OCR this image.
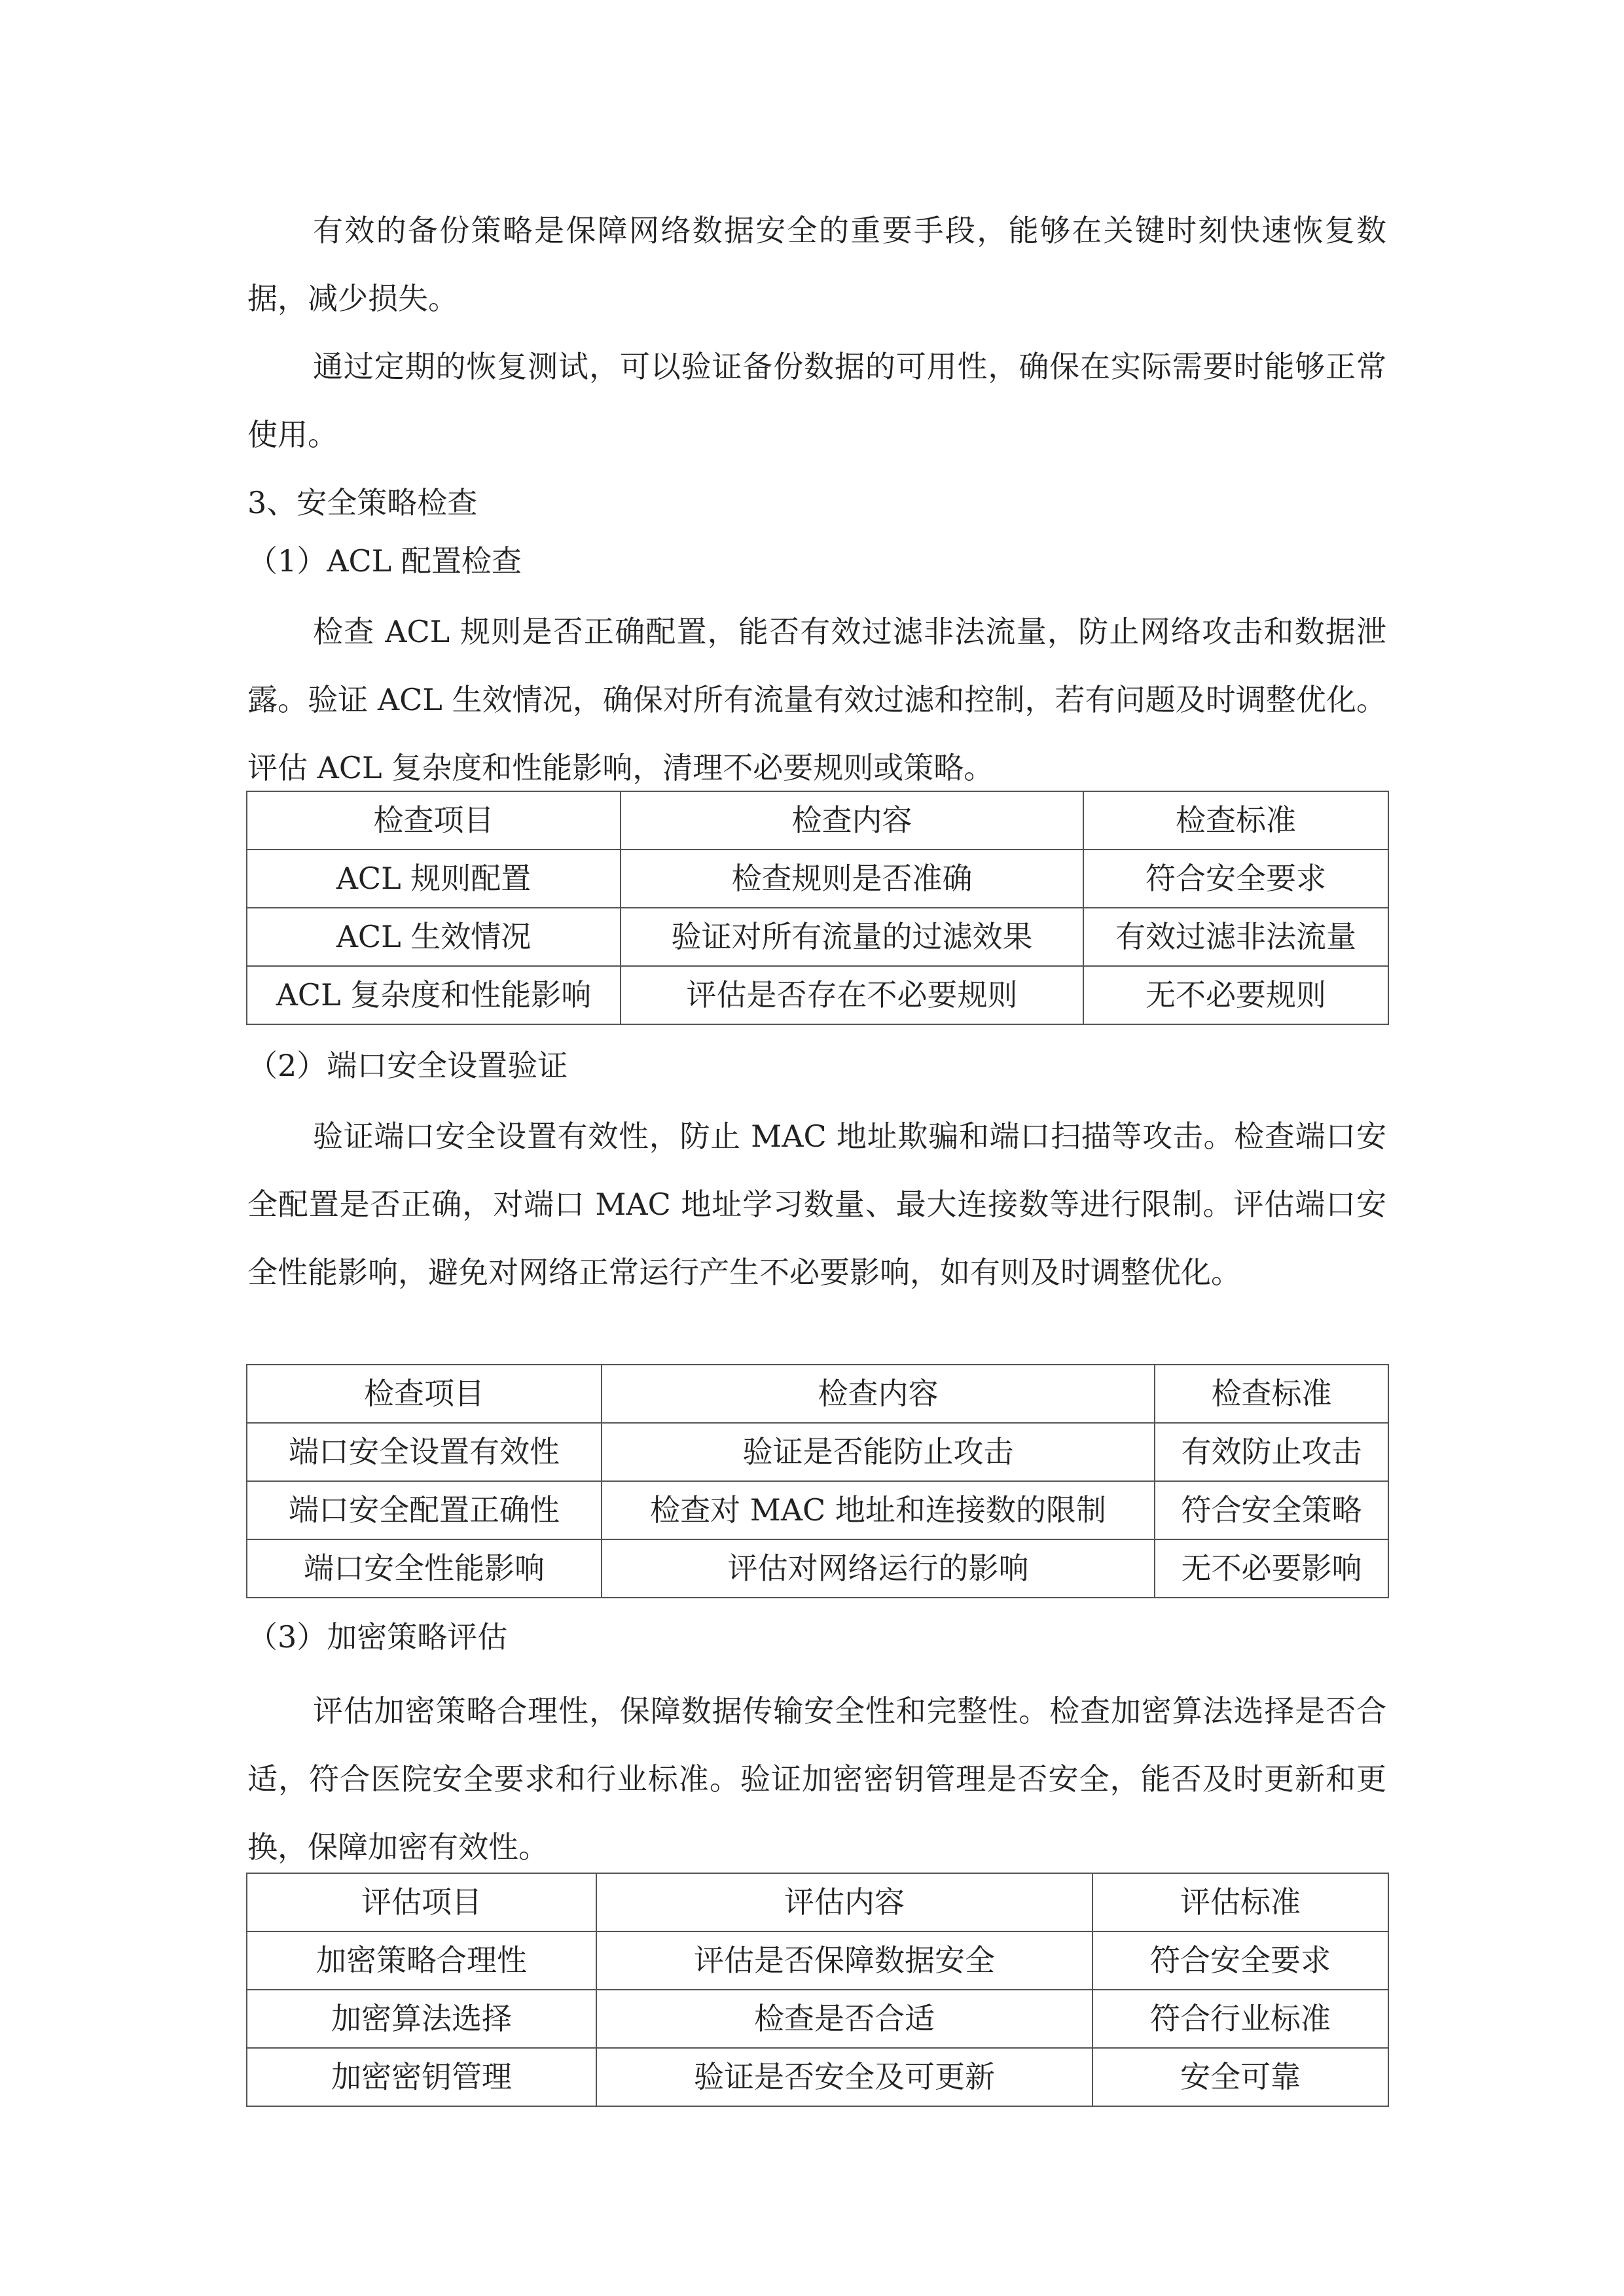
有效的备份策略是保障网络数据安全的重要手段，能够在关键时刻快速恢复数据，减少损失。

通过定期的恢复测试，可以验证备份数据的可用性，确保在实际需要时能够正常使用。

3、安全策略检查
（1）ACL 配置检查

检查 ACL 规则是否正确配置，能否有效过滤非法流量，防止网络攻击和数据泄露。验证 ACL 生效情况，确保对所有流量有效过滤和控制，若有问题及时调整优化。评估 ACL 复杂度和性能影响，清理不必要规则或策略。

检查项目	检查内容	检查标准
ACL 规则配置	检查规则是否准确	符合安全要求
ACL 生效情况	验证对所有流量的过滤效果	有效过滤非法流量
ACL 复杂度和性能影响	评估是否存在不必要规则	无不必要规则
（2）端口安全设置验证

验证端口安全设置有效性，防止 MAC 地址欺骗和端口扫描等攻击。检查端口安全配置是否正确，对端口 MAC 地址学习数量、最大连接数等进行限制。评估端口安全性能影响，避免对网络正常运行产生不必要影响，如有则及时调整优化。

检查项目	检查内容	检查标准
端口安全设置有效性	验证是否能防止攻击	有效防止攻击
端口安全配置正确性	检查对 MAC 地址和连接数的限制	符合安全策略
端口安全性能影响	评估对网络运行的影响	无不必要影响
（3）加密策略评估

评估加密策略合理性，保障数据传输安全性和完整性。检查加密算法选择是否合适，符合医院安全要求和行业标准。验证加密密钥管理是否安全，能否及时更新和更换，保障加密有效性。

评估项目	评估内容	评估标准
加密策略合理性	评估是否保障数据安全	符合安全要求
加密算法选择	检查是否合适	符合行业标准
加密密钥管理	验证是否安全及可更新	安全可靠
